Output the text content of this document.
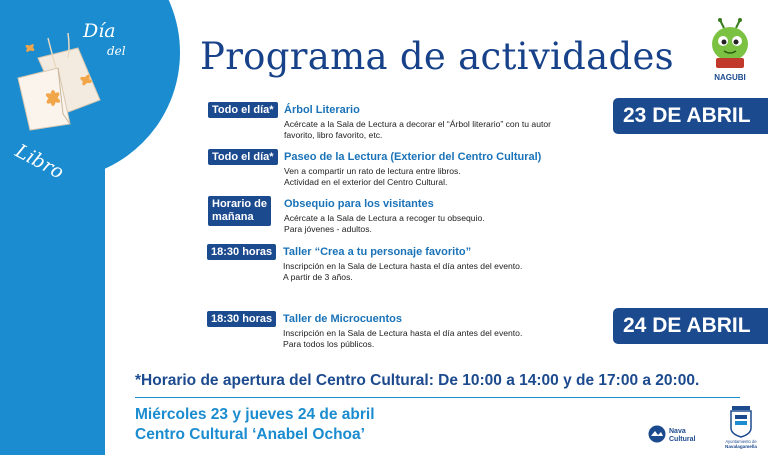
Día
del
Libro
Programa de actividades	NAGUBI
Todo el día* Árbol Literario
Acércate a la Sala de Lectura a decorar el “Árbol literario” con tu autor
favorito, libro favorito, etc.
Todo el día* Paseo de la Lectura (Exterior del Centro Cultural)
Ven a compartir un rato de lectura entre libros.
Actividad en el exterior del Centro Cultural.
Horario de
mañana
Obsequio para los visitantes
Acércate a la Sala de Lectura a recoger tu obsequio.
Para jóvenes - adultos.
18:30 horas Taller “Crea a tu personaje favorito”
Inscripción en la Sala de Lectura hasta el día antes del evento.
A partir de 3 años.
18:30 horas Taller de Microcuentos
Inscripción en la Sala de Lectura hasta el día antes del evento.
Para todos los públicos.
23 DE ABRIL
24 DE ABRIL
*Horario de apertura del Centro Cultural: De 10:00 a 14:00 y de 17:00 a 20:00.
Miércoles 23 y jueves 24 de abril
Centro Cultural ‘Anabel Ochoa’	Nava
Cultural	Ayuntamiento de
Navalagamella
